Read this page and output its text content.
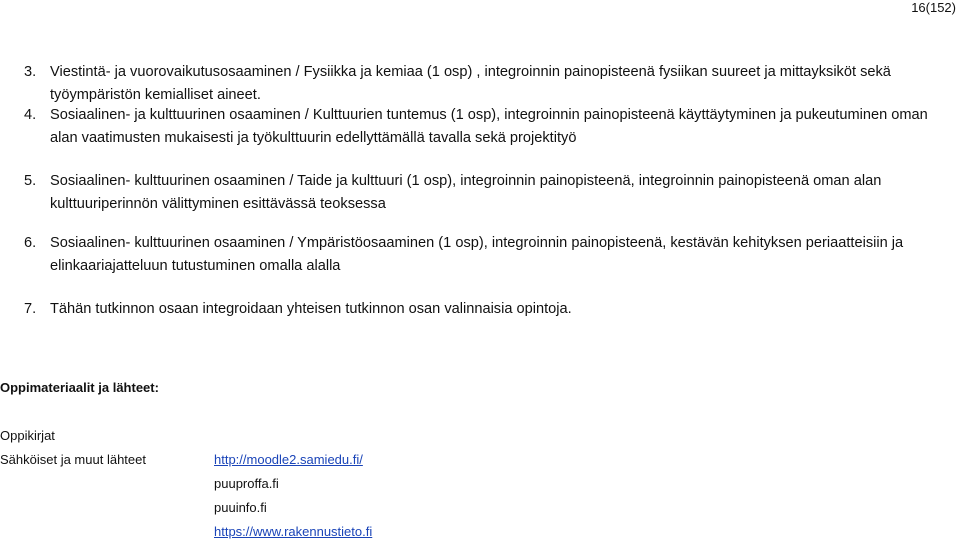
16(152)
3. Viestintä- ja vuorovaikutusosaaminen / Fysiikka ja kemiaa (1 osp) , integroinnin painopisteenä fysiikan suureet ja mittayksiköt sekä työympäristön kemialliset aineet.
4. Sosiaalinen- ja kulttuurinen osaaminen / Kulttuurien tuntemus (1 osp), integroinnin painopisteenä käyttäytyminen ja pukeutuminen oman alan vaatimusten mukaisesti ja työkulttuurin edellyttämällä tavalla sekä projektityö
5. Sosiaalinen- kulttuurinen osaaminen / Taide ja kulttuuri (1 osp), integroinnin painopisteenä, integroinnin painopisteenä oman alan kulttuuriperinnön välittyminen esittävässä teoksessa
6. Sosiaalinen- kulttuurinen osaaminen / Ympäristöosaaminen (1 osp), integroinnin painopisteenä, kestävän kehityksen periaatteisiin ja elinkaariajatteluun tutustuminen omalla alalla
7. Tähän tutkinnon osaan integroidaan yhteisen tutkinnon osan valinnaisia opintoja.
Oppimateriaalit ja lähteet:
Oppikirjat
Sähköiset ja muut lähteet	http://moodle2.samiedu.fi/
puuproffa.fi
puuinfo.fi
https://www.rakennustieto.fi
